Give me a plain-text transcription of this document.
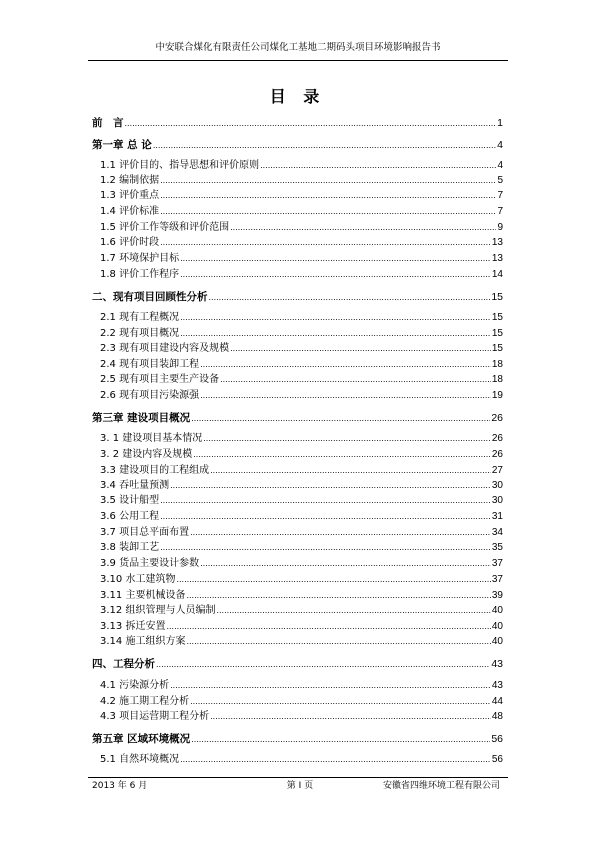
中安联合煤化有限责任公司煤化工基地二期码头项目环境影响报告书
目 录
前　言 .....	1
第一章 总 论 .....	4
1.1 评价目的、指导思想和评价原则 .....	4
1.2 编制依据 .....	5
1.3 评价重点 .....	7
1.4 评价标准 .....	7
1.5 评价工作等级和评价范围 .....	9
1.6 评价时段 .....	13
1.7 环境保护目标 .....	13
1.8 评价工作程序 .....	14
二、现有项目回顾性分析 .....	15
2.1 现有工程概况 .....	15
2.2 现有项目概况 .....	15
2.3 现有项目建设内容及规模 .....	15
2.4 现有项目装卸工程 .....	18
2.5 现有项目主要生产设备 .....	18
2.6 现有项目污染源强 .....	19
第三章 建设项目概况 .....	26
3. 1 建设项目基本情况 .....	26
3. 2 建设内容及规模 .....	26
3.3 建设项目的工程组成 .....	27
3.4 吞吐量预测 .....	30
3.5 设计船型 .....	30
3.6 公用工程 .....	31
3.7 项目总平面布置 .....	34
3.8 装卸工艺 .....	35
3.9 货品主要设计参数 .....	37
3.10 水工建筑物 .....	37
3.11 主要机械设备 .....	39
3.12 组织管理与人员编制 .....	40
3.13 拆迁安置 .....	40
3.14 施工组织方案 .....	40
四、工程分析 .....	43
4.1 污染源分析 .....	43
4.2 施工期工程分析 .....	44
4.3 项目运营期工程分析 .....	48
第五章 区域环境概况 .....	56
5.1 自然环境概况 .....	56
2013 年 6 月	第 I 页	安徽省四维环境工程有限公司
